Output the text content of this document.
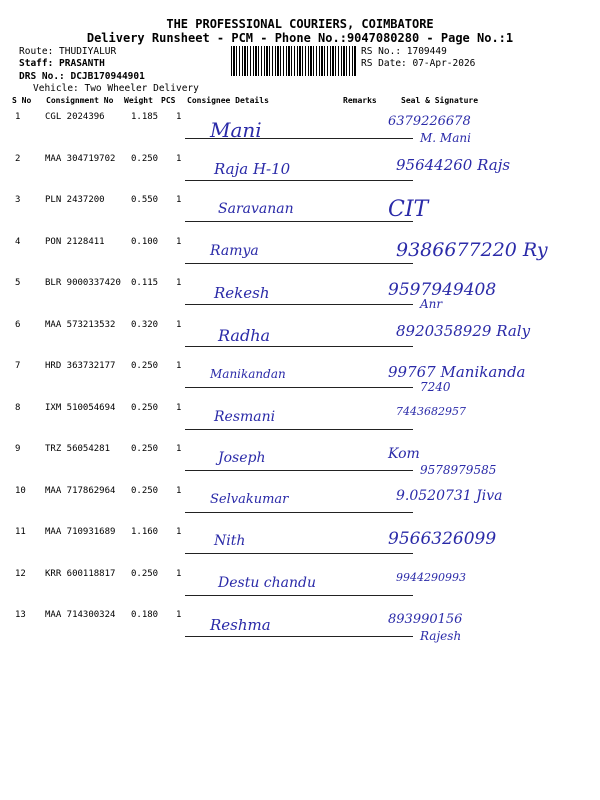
THE PROFESSIONAL COURIERS, COIMBATORE
Delivery Runsheet - PCM - Phone No.:9047080280 - Page No.:1
Route: THUDIYALUR
Staff: PRASANTH
DRS No.: DCJB170944901
Vehicle: Two Wheeler Delivery
RS No.: 1709449
RS Date: 07-Apr-2026
S No Consignment No Weight PCS Consignee Details	Remarks	Seal & Signature
1	CGL 2024396	1.185 1
Mani	6379226678
M. Mani
2	MAA 304719702 0.250 1
Raja H-10	95644260 Rajs
3	PLN 2437200	0.550 1
Saravanan	CIT
4	PON 2128411	0.100 1
Ramya	9386677220 Ry
5	BLR 9000337420 0.115 1
Rekesh	9597949408
Anr
6	MAA 573213532 0.320 1
Radha	8920358929 Raly
7	HRD 363732177 0.250 1
Manikandan	99767 Manikanda
7240
8	IXM 510054694 0.250 1
Resmani	7443682957
9	TRZ 56054281 0.250 1
Joseph	Kom
9578979585
10 MAA 717862964 0.250 1
Selvakumar	9.0520731 Jiva
11 MAA 710931689 1.160 1
Nith	9566326099
12 KRR 600118817 0.250 1
Destu chandu	9944290993
13 MAA 714300324 0.180 1
Reshma	893990156
Rajesh
